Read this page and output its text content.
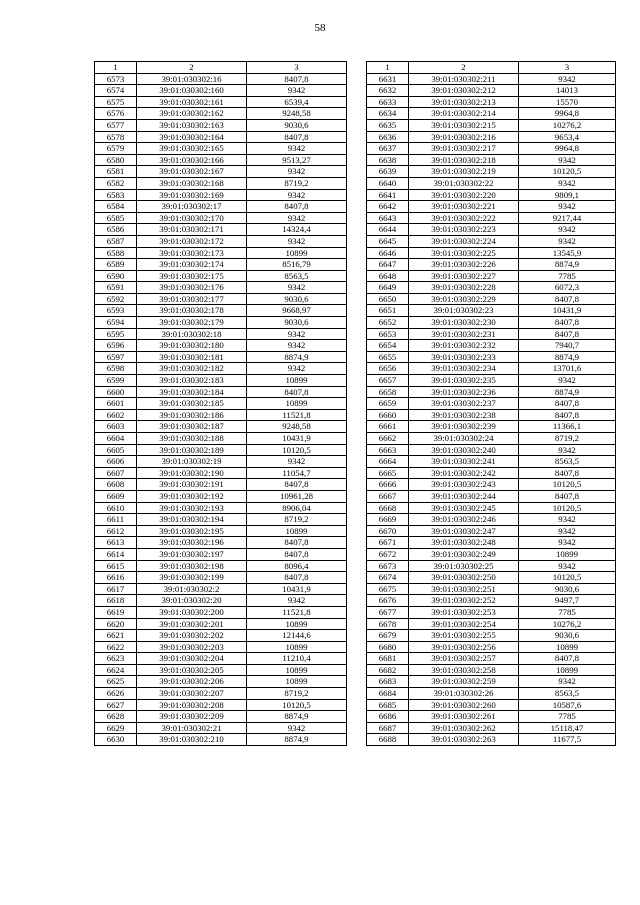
58
1	2	3
6573	39:01:030302:16	8407,8
6574	39:01:030302:160	9342
6575	39:01:030302:161	6539,4
6576	39:01:030302:162	9248,58
6577	39:01:030302:163	9030,6
6578	39:01:030302:164	8407,8
6579	39:01:030302:165	9342
6580	39:01:030302:166	9513,27
6581	39:01:030302:167	9342
6582	39:01:030302:168	8719,2
6583	39:01:030302:169	9342
6584	39:01:030302:17	8407,8
6585	39:01:030302:170	9342
6586	39:01:030302:171	14324,4
6587	39:01:030302:172	9342
6588	39:01:030302:173	10899
6589	39:01:030302:174	8516,79
6590	39:01:030302:175	8563,5
6591	39:01:030302:176	9342
6592	39:01:030302:177	9030,6
6593	39:01:030302:178	9668,97
6594	39:01:030302:179	9030,6
6595	39:01:030302:18	9342
6596	39:01:030302:180	9342
6597	39:01:030302:181	8874,9
6598	39:01:030302:182	9342
6599	39:01:030302:183	10899
6600	39:01:030302:184	8407,8
6601	39:01:030302:185	10899
6602	39:01:030302:186	11521,8
6603	39:01:030302:187	9248,58
6604	39:01:030302:188	10431,9
6605	39:01:030302:189	10120,5
6606	39:01:030302:19	9342
6607	39:01:030302:190	11054,7
6608	39:01:030302:191	8407,8
6609	39:01:030302:192	10961,28
6610	39:01:030302:193	8906,04
6611	39:01:030302:194	8719,2
6612	39:01:030302:195	10899
6613	39:01:030302:196	8407,8
6614	39:01:030302:197	8407,8
6615	39:01:030302:198	8096,4
6616	39:01:030302:199	8407,8
6617	39:01:030302:2	10431,9
6618	39:01:030302:20	9342
6619	39:01:030302:200	11521,8
6620	39:01:030302:201	10899
6621	39:01:030302:202	12144,6
6622	39:01:030302:203	10899
6623	39:01:030302:204	11210,4
6624	39:01:030302:205	10899
6625	39:01:030302:206	10899
6626	39:01:030302:207	8719,2
6627	39:01:030302:208	10120,5
6628	39:01:030302:209	8874,9
6629	39:01:030302:21	9342
6630	39:01:030302:210	8874,9
1	2	3
6631	39:01:030302:211	9342
6632	39:01:030302:212	14013
6633	39:01:030302:213	15570
6634	39:01:030302:214	9964,8
6635	39:01:030302:215	10276,2
6636	39:01:030302:216	9653,4
6637	39:01:030302:217	9964,8
6638	39:01:030302:218	9342
6639	39:01:030302:219	10120,5
6640	39:01:030302:22	9342
6641	39:01:030302:220	9809,1
6642	39:01:030302:221	9342
6643	39:01:030302:222	9217,44
6644	39:01:030302:223	9342
6645	39:01:030302:224	9342
6646	39:01:030302:225	13545,9
6647	39:01:030302:226	8874,9
6648	39:01:030302:227	7785
6649	39:01:030302:228	6072,3
6650	39:01:030302:229	8407,8
6651	39:01:030302:23	10431,9
6652	39:01:030302:230	8407,8
6653	39:01:030302:231	8407,8
6654	39:01:030302:232	7940,7
6655	39:01:030302:233	8874,9
6656	39:01:030302:234	13701,6
6657	39:01:030302:235	9342
6658	39:01:030302:236	8874,9
6659	39:01:030302:237	8407,8
6660	39:01:030302:238	8407,8
6661	39:01:030302:239	11366,1
6662	39:01:030302:24	8719,2
6663	39:01:030302:240	9342
6664	39:01:030302:241	8563,5
6665	39:01:030302:242	8407,8
6666	39:01:030302:243	10120,5
6667	39:01:030302:244	8407,8
6668	39:01:030302:245	10120,5
6669	39:01:030302:246	9342
6670	39:01:030302:247	9342
6671	39:01:030302:248	9342
6672	39:01:030302:249	10899
6673	39:01:030302:25	9342
6674	39:01:030302:250	10120,5
6675	39:01:030302:251	9030,6
6676	39:01:030302:252	9497,7
6677	39:01:030302:253	7785
6678	39:01:030302:254	10276,2
6679	39:01:030302:255	9030,6
6680	39:01:030302:256	10899
6681	39:01:030302:257	8407,8
6682	39:01:030302:258	10899
6683	39:01:030302:259	9342
6684	39:01:030302:26	8563,5
6685	39:01:030302:260	10587,6
6686	39:01:030302:261	7785
6687	39:01:030302:262	15118,47
6688	39:01:030302:263	11677,5
